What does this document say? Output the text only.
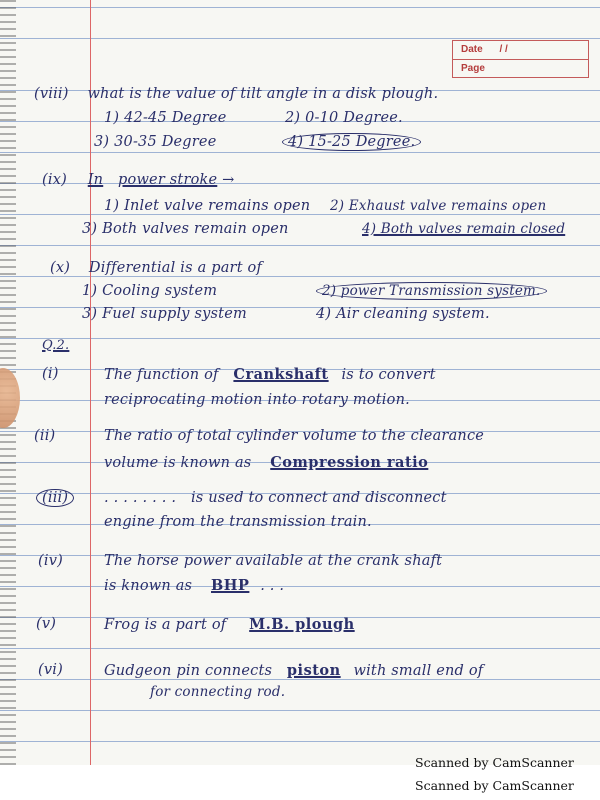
Date / /
Page
(viii) what is the value of tilt angle in a disk plough.
1) 42-45 Degree	2) 0-10 Degree.
3) 30-35 Degree	4) 15-25 Degree.
(ix) In power stroke →
1) Inlet valve remains open 2) Exhaust valve remains open
3) Both valves remain open	4) Both valves remain closed
(x) Differential is a part of
1) Cooling system	2) power Transmission system.
3) Fuel supply system	4) Air cleaning system.
Q.2.
(i)	The function of Crankshaft is to convert
reciprocating motion into rotary motion.
(ii)	The ratio of total cylinder volume to the clearance
volume is known as Compression ratio
(iii)	. . . . . . . . is used to connect and disconnect
engine from the transmission train.
(iv)	The horse power available at the crank shaft
is known as BHP . . .
(v)	Frog is a part of M.B. plough
(vi)	Gudgeon pin connects piston with small end of
for connecting rod.
Scanned by CamScanner
Scanned by CamScanner
